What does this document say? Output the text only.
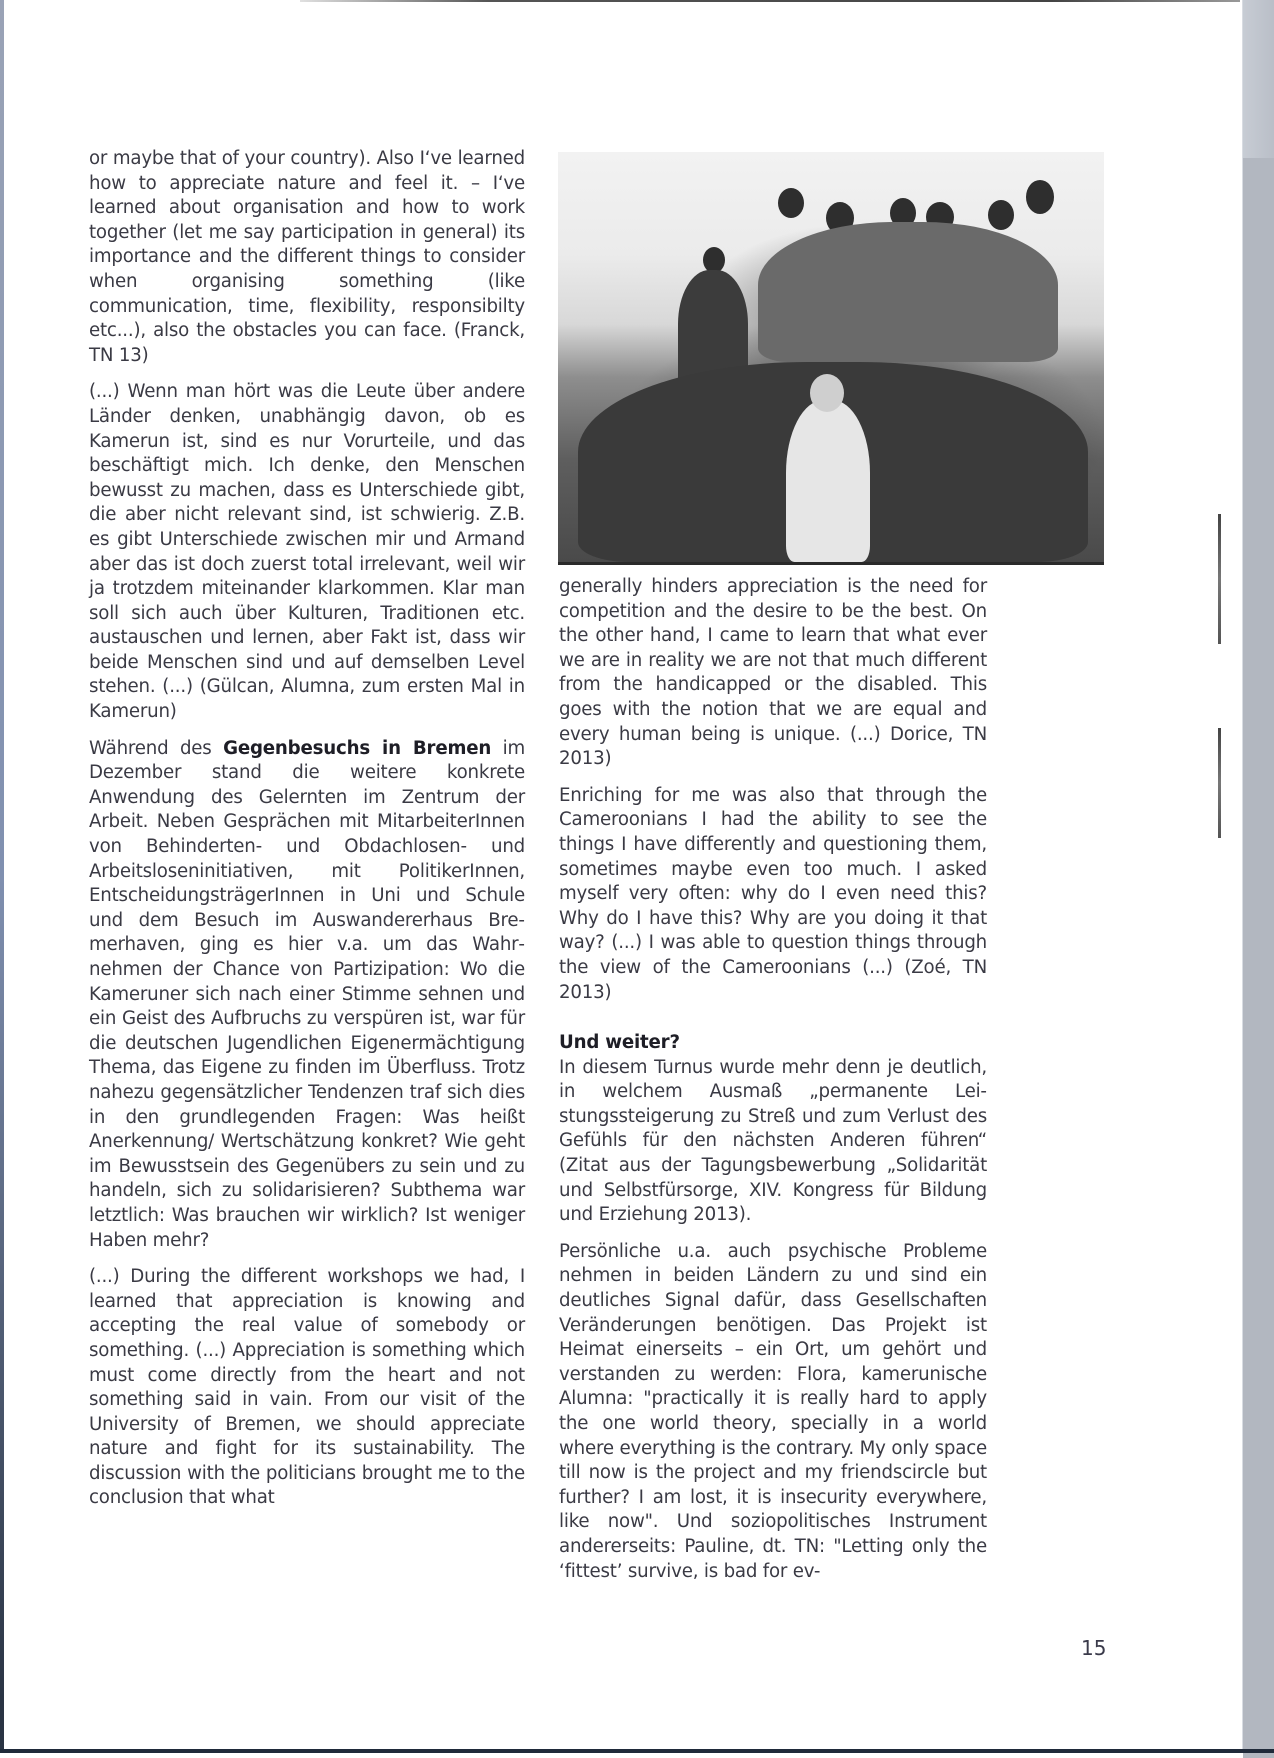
or maybe that of your country). Also I‘ve learned how to appreciate nature and feel it. – I‘ve learned about organisation and how to work together (let me say participation in general) its importance and the different things to consider when organising something (like communication, time, flexibility, responsibilty etc...), also the obstacles you can face. (Franck, TN 13)

(...) Wenn man hört was die Leute über andere Länder denken, unabhängig davon, ob es Kamerun ist, sind es nur Vorurteile, und das beschäftigt mich. Ich denke, den Menschen bewusst zu machen, dass es Unterschiede gibt, die aber nicht relevant sind, ist schwierig. Z.B. es gibt Unterschiede zwischen mir und Armand aber das ist doch zuerst total irrelevant, weil wir ja trotzdem miteinander klarkommen. Klar man soll sich auch über Kulturen, Traditionen etc. austauschen und lernen, aber Fakt ist, dass wir beide Menschen sind und auf demselben Level stehen. (...) (Gülcan, Alumna, zum ersten Mal in Kamerun)

Während des Gegenbesuchs in Bremen im Dezember stand die weitere konkrete Anwendung des Gelernten im Zentrum der Arbeit. Neben Gesprächen mit MitarbeiterInnen von Behinderten- und Obdachlosen- und Arbeitsloseninitiativen, mit PolitikerInnen, EntscheidungsträgerInnen in Uni und Schule und dem Besuch im Auswandererhaus Bremerhaven, ging es hier v.a. um das Wahrnehmen der Chance von Partizipation: Wo die Kameruner sich nach einer Stimme sehnen und ein Geist des Aufbruchs zu verspüren ist, war für die deutschen Jugendlichen Eigenermächtigung Thema, das Eigene zu finden im Überfluss. Trotz nahezu gegensätzlicher Tendenzen traf sich dies in den grundlegenden Fragen: Was heißt Anerkennung/ Wertschätzung konkret? Wie geht im Bewusstsein des Gegenübers zu sein und zu handeln, sich zu solidarisieren? Subthema war letztlich: Was brauchen wir wirklich? Ist weniger Haben mehr?

(...) During the different workshops we had, I learned that appreciation is knowing and accepting the real value of somebody or something. (...) Appreciation is something which must come directly from the heart and not something said in vain. From our visit of the University of Bremen, we should appreciate nature and fight for its sustainability. The discussion with the politicians brought me to the conclusion that what

generally hinders appreciation is the need for competition and the desire to be the best. On the other hand, I came to learn that what ever we are in reality we are not that much different from the handicapped or the disabled. This goes with the notion that we are equal and every human being is unique. (...) Dorice, TN 2013)

Enriching for me was also that through the Cameroonians I had the ability to see the things I have differently and questioning them, sometimes maybe even too much. I asked myself very often: why do I even need this? Why do I have this? Why are you doing it that way? (...) I was able to question things through the view of the Cameroonians (...) (Zoé, TN 2013)

Und weiter?

In diesem Turnus wurde mehr denn je deutlich, in welchem Ausmaß „permanente Leistungssteigerung zu Streß und zum Verlust des Gefühls für den nächsten Anderen führen“ (Zitat aus der Tagungsbewerbung „Solidarität und Selbstfürsorge, XIV. Kongress für Bildung und Erziehung 2013).

Persönliche u.a. auch psychische Probleme nehmen in beiden Ländern zu und sind ein deutliches Signal dafür, dass Gesellschaften Veränderungen benötigen. Das Projekt ist Heimat einerseits – ein Ort, um gehört und verstanden zu werden: Flora, kamerunische Alumna: "practically it is really hard to apply the one world theory, specially in a world where everything is the contrary. My only space till now is the project and my friendscircle but further? I am lost, it is insecurity everywhere, like now". Und soziopolitisches Instrument andererseits: Pauline, dt. TN: "Letting only the ‘fittest’ survive, is bad for ev-

15
